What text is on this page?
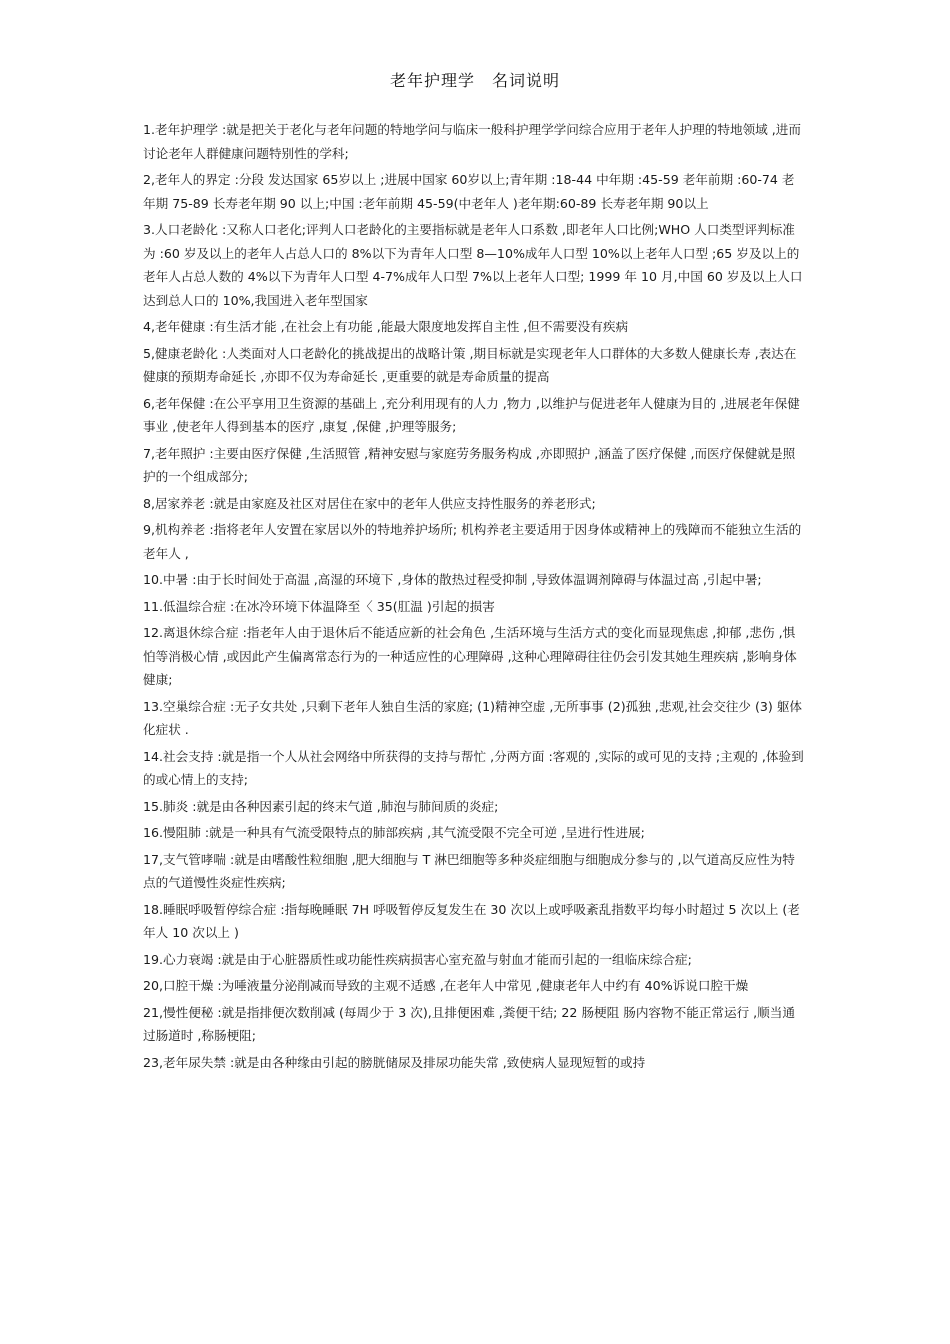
老年护理学　名词说明

1.老年护理学 :就是把关于老化与老年问题的特地学问与临床一般科护理学学问综合应用于老年人护理的特地领域 ,进而讨论老年人群健康问题特别性的学科;

2,老年人的界定 :分段 发达国家 65岁以上 ;进展中国家 60岁以上;青年期 :18-44 中年期 :45-59 老年前期 :60-74 老年期 75-89 长寿老年期 90 以上;中国 :老年前期 45-59(中老年人 )老年期:60-89 长寿老年期 90以上

3.人口老龄化 :又称人口老化;评判人口老龄化的主要指标就是老年人口系数 ,即老年人口比例;WHO 人口类型评判标准为 :60 岁及以上的老年人占总人口的 8%以下为青年人口型 8—10%成年人口型 10%以上老年人口型 ;65 岁及以上的老年人占总人数的 4%以下为青年人口型 4-7%成年人口型 7%以上老年人口型; 1999 年 10 月,中国 60 岁及以上人口达到总人口的 10%,我国进入老年型国家

4,老年健康 :有生活才能 ,在社会上有功能 ,能最大限度地发挥自主性 ,但不需要没有疾病

5,健康老龄化 :人类面对人口老龄化的挑战提出的战略计策 ,期目标就是实现老年人口群体的大多数人健康长寿 ,表达在健康的预期寿命延长 ,亦即不仅为寿命延长 ,更重要的就是寿命质量的提高

6,老年保健 :在公平享用卫生资源的基础上 ,充分利用现有的人力 ,物力 ,以维护与促进老年人健康为目的 ,进展老年保健事业 ,使老年人得到基本的医疗 ,康复 ,保健 ,护理等服务;

7,老年照护 :主要由医疗保健 ,生活照管 ,精神安慰与家庭劳务服务构成 ,亦即照护 ,涵盖了医疗保健 ,而医疗保健就是照护的一个组成部分;

8,居家养老 :就是由家庭及社区对居住在家中的老年人供应支持性服务的养老形式;

9,机构养老 :指将老年人安置在家居以外的特地养护场所; 机构养老主要适用于因身体或精神上的残障而不能独立生活的老年人 ,

10.中暑 :由于长时间处于高温 ,高湿的环境下 ,身体的散热过程受抑制 ,导致体温调剂障碍与体温过高 ,引起中暑;

11.低温综合症 :在冰冷环境下体温降至〈 35(肛温 )引起的损害

12.离退休综合症 :指老年人由于退休后不能适应新的社会角色 ,生活环境与生活方式的变化而显现焦虑 ,抑郁 ,悲伤 ,惧怕等消极心情 ,或因此产生偏离常态行为的一种适应性的心理障碍 ,这种心理障碍往往仍会引发其她生理疾病 ,影响身体健康;

13.空巢综合症 :无子女共处 ,只剩下老年人独自生活的家庭; (1)精神空虚 ,无所事事 (2)孤独 ,悲观,社会交往少 (3) 躯体化症状 .

14.社会支持 :就是指一个人从社会网络中所获得的支持与帮忙 ,分两方面 :客观的 ,实际的或可见的支持 ;主观的 ,体验到的或心情上的支持;

15.肺炎 :就是由各种因素引起的终末气道 ,肺泡与肺间质的炎症;

16.慢阻肺 :就是一种具有气流受限特点的肺部疾病 ,其气流受限不完全可逆 ,呈进行性进展;

17,支气管哮喘 :就是由嗜酸性粒细胞 ,肥大细胞与 T 淋巴细胞等多种炎症细胞与细胞成分参与的 ,以气道高反应性为特点的气道慢性炎症性疾病;

18.睡眠呼吸暂停综合症 :指每晚睡眠 7H 呼吸暂停反复发生在 30 次以上或呼吸紊乱指数平均每小时超过 5 次以上 (老年人 10 次以上 )

19.心力衰竭 :就是由于心脏器质性或功能性疾病损害心室充盈与射血才能而引起的一组临床综合症;

20,口腔干燥 :为唾液量分泌削减而导致的主观不适感 ,在老年人中常见 ,健康老年人中约有 40%诉说口腔干燥

21,慢性便秘 :就是指排便次数削减 (每周少于 3 次),且排便困难 ,粪便干结; 22 肠梗阻 肠内容物不能正常运行 ,顺当通过肠道时 ,称肠梗阻;

23,老年尿失禁 :就是由各种缘由引起的膀胱储尿及排尿功能失常 ,致使病人显现短暂的或持
